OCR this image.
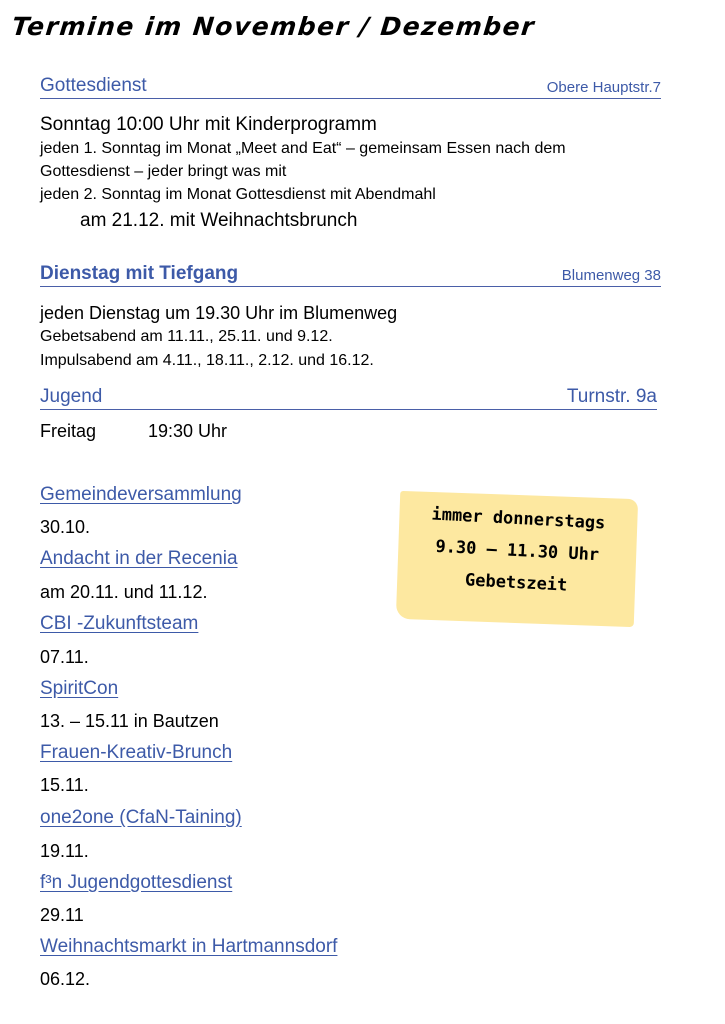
Termine im November / Dezember
Gottesdienst	Obere Hauptstr.7
Sonntag 10:00 Uhr mit Kinderprogramm
jeden 1. Sonntag im Monat „Meet and Eat“ – gemeinsam Essen nach dem
Gottesdienst – jeder bringt was mit
jeden 2. Sonntag im Monat Gottesdienst mit Abendmahl
am 21.12. mit Weihnachtsbrunch
Dienstag mit Tiefgang	Blumenweg 38
jeden Dienstag um 19.30 Uhr im Blumenweg
Gebetsabend am 11.11., 25.11. und 9.12.
Impulsabend am 4.11., 18.11., 2.12. und 16.12.
Jugend	Turnstr. 9a
Freitag	19:30 Uhr
Gemeindeversammlung
30.10.
Andacht in der Recenia
am 20.11. und 11.12.
CBI -Zukunftsteam
07.11.
SpiritCon
13. – 15.11 in Bautzen
Frauen-Kreativ-Brunch
15.11.
one2one (CfaN-Taining)
19.11.
f³n Jugendgottesdienst
29.11
Weihnachtsmarkt in Hartmannsdorf
06.12.
immer donnerstags
9.30 – 11.30 Uhr
Gebetszeit
